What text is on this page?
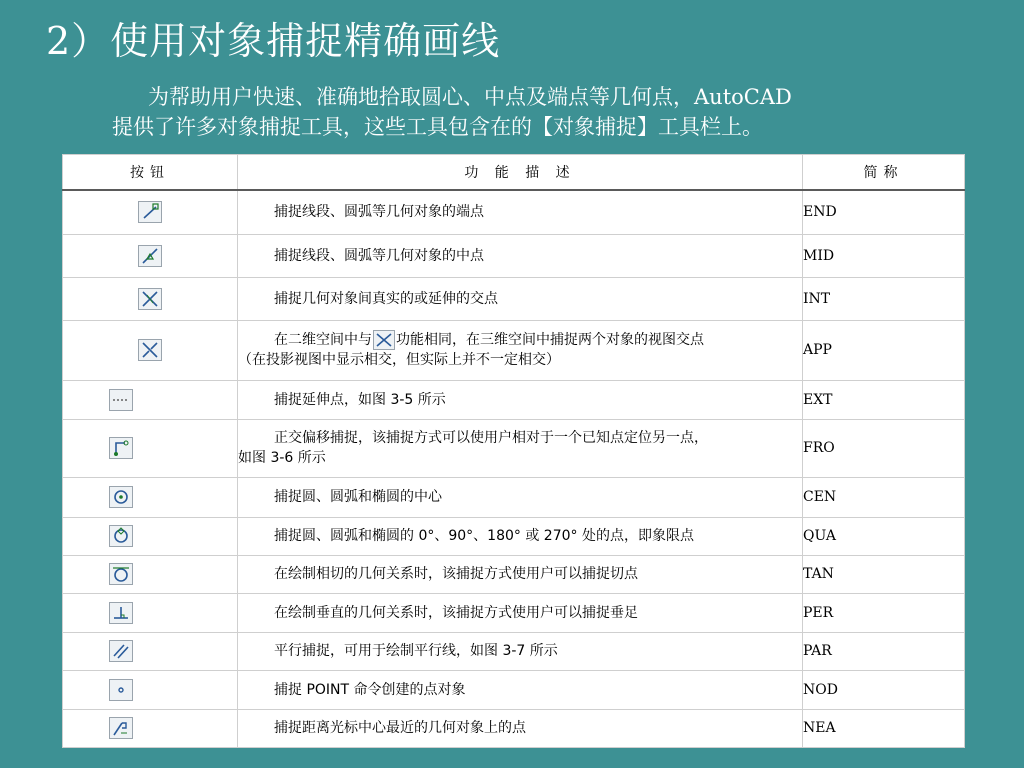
2）使用对象捕捉精确画线
为帮助用户快速、准确地拾取圆心、中点及端点等几何点，AutoCAD
提供了许多对象捕捉工具，这些工具包含在的【对象捕捉】工具栏上。
按钮	功 能 描 述	简称

	捕捉线段、圆弧等几何对象的端点	END

	捕捉线段、圆弧等几何对象的中点	MID

	捕捉几何对象间真实的或延伸的交点	INT

	在二维空间中与 功能相同，在三维空间中捕捉两个对象的视图交点
（在投影视图中显示相交，但实际上并不一定相交）	APP

	捕捉延伸点，如图 3-5 所示	EXT

	正交偏移捕捉，该捕捉方式可以使用户相对于一个已知点定位另一点，
如图 3-6 所示	FRO

	捕捉圆、圆弧和椭圆的中心	CEN

	捕捉圆、圆弧和椭圆的 0°、90°、180° 或 270° 处的点，即象限点	QUA

	在绘制相切的几何关系时，该捕捉方式使用户可以捕捉切点	TAN

	在绘制垂直的几何关系时，该捕捉方式使用户可以捕捉垂足	PER

	平行捕捉，可用于绘制平行线，如图 3-7 所示	PAR

	捕捉 POINT 命令创建的点对象	NOD

	捕捉距离光标中心最近的几何对象上的点	NEA
